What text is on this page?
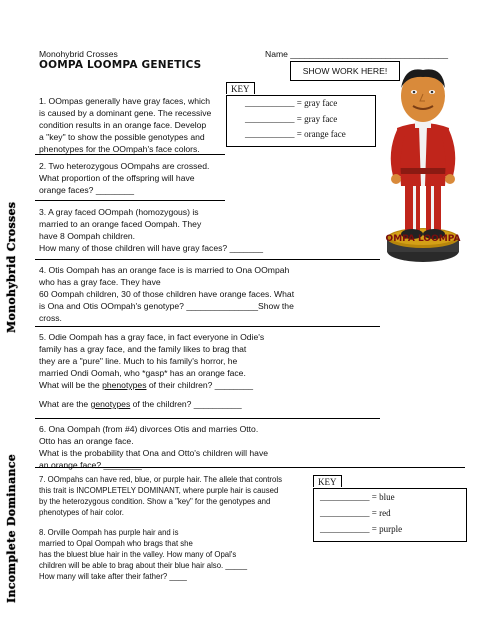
Monohybrid Crosses
OOMPA LOOMPA GENETICS
Name _________________________________
SHOW WORK HERE!
KEY
___________ = gray face
___________ = gray face
___________ = orange face
OMPA LOOMPA

1. OOmpas generally have gray faces, which

is caused by a dominant gene. The recessive

condition results in an orange face. Develop

a "key" to show the possible genotypes and

phenotypes for the OOmpah's face colors.

2. Two heterozygous OOmpahs are crossed.

What proportion of the offspring will have

orange faces? ________

3. A gray faced OOmpah (homozygous) is

married to an orange faced Oompah. They

have 8 Oompah children.

How many of those children will have gray faces? _______

4. Otis Oompah has an orange face is is married to Ona OOmpah

who has a gray face. They have

60 Oompah children, 30 of those children have orange faces. What

is Ona and Otis OOmpah's genotype? _______________Show the

cross.

5. Odie Oompah has a gray face, in fact everyone in Odie's

family has a gray face, and the family likes to brag that

they are a "pure" line. Much to his family's horror, he

married Ondi Oomah, who *gasp* has an orange face.

What will be the phenotypes of their children? ________

What are the genotypes of the children? __________

6. Ona Oompah (from #4) divorces Otis and marries Otto.

Otto has an orange face.

What is the probability that Ona and Otto's children will have

an orange face? ________

7. OOmpahs can have red, blue, or purple hair. The allele that controls

this trait is INCOMPLETELY DOMINANT, where purple hair is caused

by the heterozygous condition. Show a "key" for the genotypes and

phenotypes of hair color.

8. Orville Oompah has purple hair and is

married to Opal Oompah who brags that she

has the bluest blue hair in the valley. How many of Opal's

children will be able to brag about their blue hair also. _____

How many will take after their father? ____

KEY
___________ = blue
___________ = red
___________ = purple
Monohybrid Crosses
Incomplete Dominance
